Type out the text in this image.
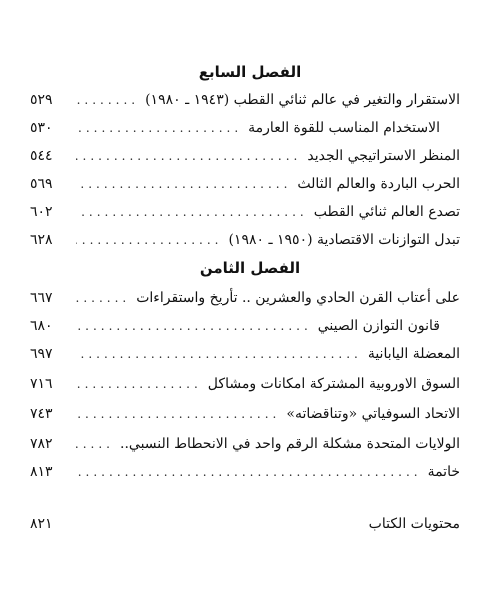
الفصل السابع
الاستقرار والتغير في عالم ثنائي القطب (١٩٤٣ ـ ١٩٨٠)
.....
٥٢٩
الاستخدام المناسب للقوة العارمة
.....
٥٣٠
المنظر الاستراتيجي الجديد
.....
٥٤٤
الحرب الباردة والعالم الثالث
.....
٥٦٩
تصدع العالم ثنائي القطب
.....
٦٠٢
تبدل التوازنات الاقتصادية (١٩٥٠ ـ ١٩٨٠)
.....
٦٢٨
الفصل الثامن
على أعتاب القرن الحادي والعشرين .. تأريخ واستقراءات
.....
٦٦٧
قانون التوازن الصيني
.....
٦٨٠
المعضلة اليابانية
.....
٦٩٧
السوق الاوروبية المشتركة امكانات ومشاكل
.....
٧١٦
الاتحاد السوفياتي «وتناقضاته»
.....
٧٤٣
الولايات المتحدة مشكلة الرقم واحد في الانحطاط النسبي..
.....
٧٨٢
خاتمة
.....
٨١٣
محتويات الكتاب
٨٢١
